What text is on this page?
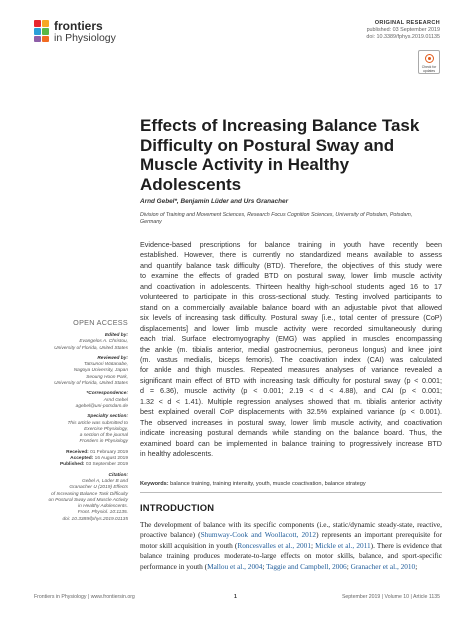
frontiers
in Physiology
ORIGINAL RESEARCH
published: 03 September 2019
doi: 10.3389/fphys.2019.01135
Check for
updates
Effects of Increasing Balance Task
Difficulty on Postural Sway and
Muscle Activity in Healthy
Adolescents
Arnd Gebel*, Benjamin Lüder and Urs Granacher
Division of Training and Movement Sciences, Research Focus Cognition Sciences, University of Potsdam, Potsdam,
Germany
Evidence-based prescriptions for balance training in youth have recently been
established. However, there is currently no standardized means available to assess
and quantify balance task difficulty (BTD). Therefore, the objectives of this study were
to examine the effects of graded BTD on postural sway, lower limb muscle activity
and coactivation in adolescents. Thirteen healthy high-school students aged 16 to 17
volunteered to participate in this cross-sectional study. Testing involved participants to
stand on a commercially available balance board with an adjustable pivot that allowed
six levels of increasing task difficulty. Postural sway [i.e., total center of pressure (CoP)
displacements] and lower limb muscle activity were recorded simultaneously during
each trial. Surface electromyography (EMG) was applied in muscles encompassing
the ankle (m. tibialis anterior, medial gastrocnemius, peroneus longus) and knee joint
(m. vastus medialis, biceps femoris). The coactivation index (CAI) was calculated
for ankle and thigh muscles. Repeated measures analyses of variance revealed a
significant main effect of BTD with increasing task difficulty for postural sway (p < 0.001;
d = 6.36), muscle activity (p < 0.001; 2.19 < d < 4.88), and CAI (p < 0.001;
1.32 < d < 1.41). Multiple regression analyses showed that m. tibialis anterior activity
best explained overall CoP displacements with 32.5% explained variance (p < 0.001).
The observed increases in postural sway, lower limb muscle activity, and coactivation
indicate increasing postural demands while standing on the balance board. Thus, the
examined board can be implemented in balance training to progressively increase BTD
in healthy adolescents.
Keywords: balance training, training intensity, youth, muscle coactivation, balance strategy
INTRODUCTION
The development of balance with its specific components (i.e., static/dynamic steady-state, reactive, proactive balance) (Shumway-Cook and Woollacott, 2012) represents an important prerequisite for motor skill acquisition in youth (Roncesvalles et al., 2001; Mickle et al., 2011). There is evidence that balance training produces moderate-to-large effects on motor skills, balance, and sport-specific performance in youth (Mallou et al., 2004; Taggie and Campbell, 2006; Granacher et al., 2010;
OPEN ACCESS
Edited by:
Evangelos A. Christou,
University of Florida, United States
Reviewed by:
Tatsunori Watanabe,
Nagoya University, Japan
Seoung Hoon Park,
University of Florida, United States
*Correspondence:
Arnd Gebel
agebel@uni-potsdam.de
Specialty section:
This article was submitted to
Exercise Physiology,
a section of the journal
Frontiers in Physiology
Received: 01 February 2019
Accepted: 16 August 2019
Published: 03 September 2019
Citation:
Gebel A, Lüder B and
Granacher U (2019) Effects
of Increasing Balance Task Difficulty
on Postural Sway and Muscle Activity
in Healthy Adolescents.
Front. Physiol. 10:1135.
doi: 10.3389/fphys.2019.01135
Frontiers in Physiology | www.frontiersin.org	1	September 2019 | Volume 10 | Article 1135
